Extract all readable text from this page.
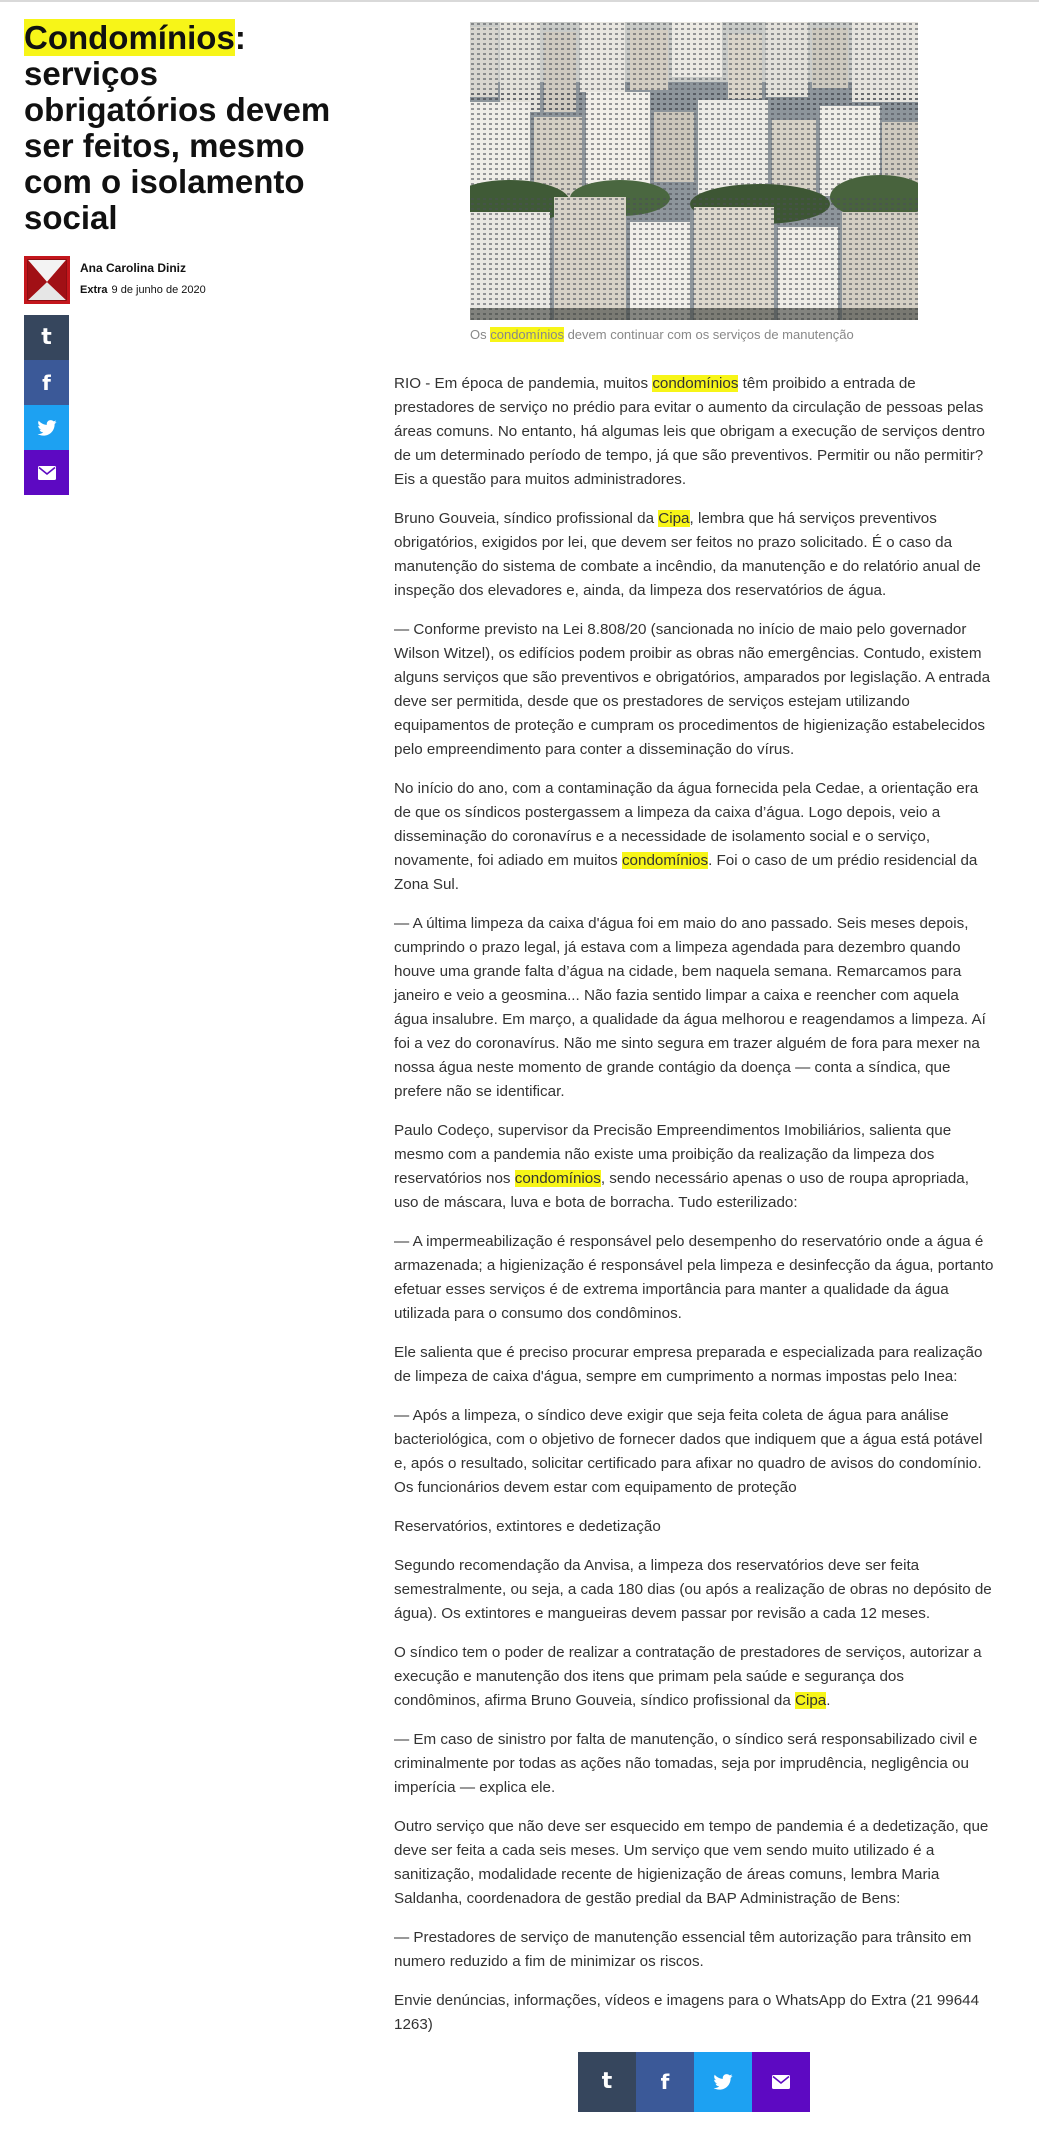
Condomínios: serviços obrigatórios devem ser feitos, mesmo com o isolamento social
Ana Carolina Diniz
Extra 9 de junho de 2020
t
f
Os condomínios devem continuar com os serviços de manutenção

RIO - Em época de pandemia, muitos condomínios têm proibido a entrada de prestadores de serviço no prédio para evitar o aumento da circulação de pessoas pelas áreas comuns. No entanto, há algumas leis que obrigam a execução de serviços dentro de um determinado período de tempo, já que são preventivos. Permitir ou não permitir? Eis a questão para muitos administradores.

Bruno Gouveia, síndico profissional da Cipa, lembra que há serviços preventivos obrigatórios, exigidos por lei, que devem ser feitos no prazo solicitado. É o caso da manutenção do sistema de combate a incêndio, da manutenção e do relatório anual de inspeção dos elevadores e, ainda, da limpeza dos reservatórios de água.

— Conforme previsto na Lei 8.808/20 (sancionada no início de maio pelo governador Wilson Witzel), os edifícios podem proibir as obras não emergências. Contudo, existem alguns serviços que são preventivos e obrigatórios, amparados por legislação. A entrada deve ser permitida, desde que os prestadores de serviços estejam utilizando equipamentos de proteção e cumpram os procedimentos de higienização estabelecidos pelo empreendimento para conter a disseminação do vírus.

No início do ano, com a contaminação da água fornecida pela Cedae, a orientação era de que os síndicos postergassem a limpeza da caixa d’água. Logo depois, veio a disseminação do coronavírus e a necessidade de isolamento social e o serviço, novamente, foi adiado em muitos condomínios. Foi o caso de um prédio residencial da Zona Sul.

— A última limpeza da caixa d'água foi em maio do ano passado. Seis meses depois, cumprindo o prazo legal, já estava com a limpeza agendada para dezembro quando houve uma grande falta d’água na cidade, bem naquela semana. Remarcamos para janeiro e veio a geosmina... Não fazia sentido limpar a caixa e reencher com aquela água insalubre. Em março, a qualidade da água melhorou e reagendamos a limpeza. Aí foi a vez do coronavírus. Não me sinto segura em trazer alguém de fora para mexer na nossa água neste momento de grande contágio da doença — conta a síndica, que prefere não se identificar.

Paulo Codeço, supervisor da Precisão Empreendimentos Imobiliários, salienta que mesmo com a pandemia não existe uma proibição da realização da limpeza dos reservatórios nos condomínios, sendo necessário apenas o uso de roupa apropriada, uso de máscara, luva e bota de borracha. Tudo esterilizado:

— A impermeabilização é responsável pelo desempenho do reservatório onde a água é armazenada; a higienização é responsável pela limpeza e desinfecção da água, portanto efetuar esses serviços é de extrema importância para manter a qualidade da água utilizada para o consumo dos condôminos.

Ele salienta que é preciso procurar empresa preparada e especializada para realização de limpeza de caixa d'água, sempre em cumprimento a normas impostas pelo Inea:

— Após a limpeza, o síndico deve exigir que seja feita coleta de água para análise bacteriológica, com o objetivo de fornecer dados que indiquem que a água está potável e, após o resultado, solicitar certificado para afixar no quadro de avisos do condomínio. Os funcionários devem estar com equipamento de proteção

Reservatórios, extintores e dedetização

Segundo recomendação da Anvisa, a limpeza dos reservatórios deve ser feita semestralmente, ou seja, a cada 180 dias (ou após a realização de obras no depósito de água). Os extintores e mangueiras devem passar por revisão a cada 12 meses.

O síndico tem o poder de realizar a contratação de prestadores de serviços, autorizar a execução e manutenção dos itens que primam pela saúde e segurança dos condôminos, afirma Bruno Gouveia, síndico profissional da Cipa.

— Em caso de sinistro por falta de manutenção, o síndico será responsabilizado civil e criminalmente por todas as ações não tomadas, seja por imprudência, negligência ou imperícia — explica ele.

Outro serviço que não deve ser esquecido em tempo de pandemia é a dedetização, que deve ser feita a cada seis meses. Um serviço que vem sendo muito utilizado é a sanitização, modalidade recente de higienização de áreas comuns, lembra Maria Saldanha, coordenadora de gestão predial da BAP Administração de Bens:

— Prestadores de serviço de manutenção essencial têm autorização para trânsito em numero reduzido a fim de minimizar os riscos.

Envie denúncias, informações, vídeos e imagens para o WhatsApp do Extra (21 99644 1263)

t f
